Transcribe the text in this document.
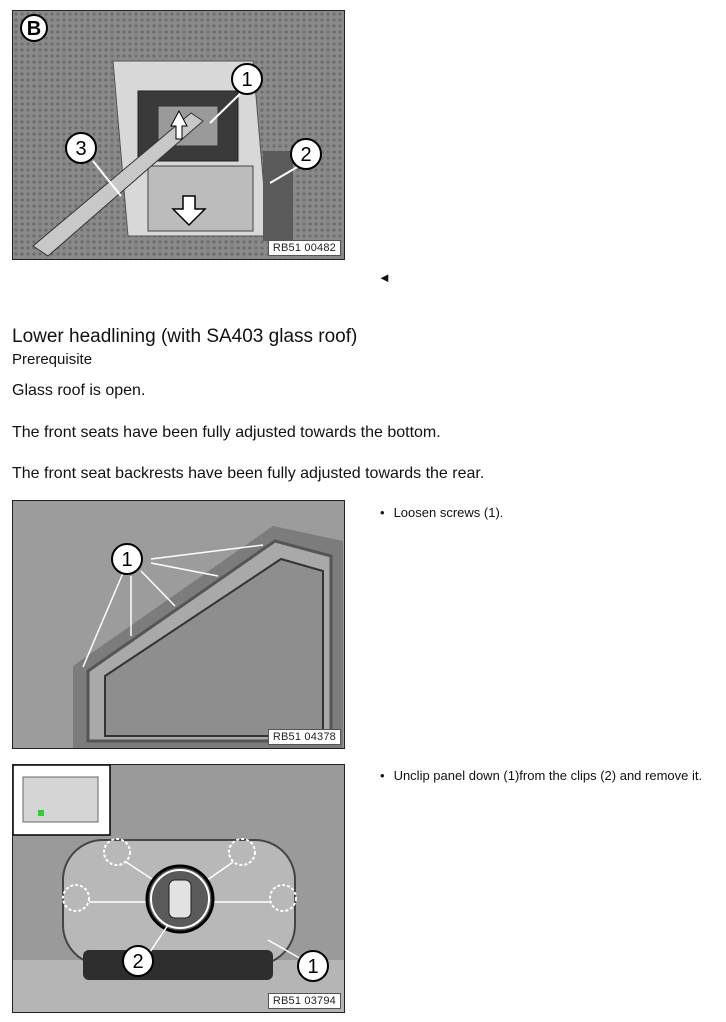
B
1
2
3
RB51 00482
◄
Lower headlining (with SA403 glass roof)
Prerequisite
Glass roof is open.
The front seats have been fully adjusted towards the bottom.
The front seat backrests have been fully adjusted towards the rear.
1
RB51 04378
• Loosen screws (1).
2	1
RB51 03794
• Unclip panel down (1)from the clips (2) and remove it.
